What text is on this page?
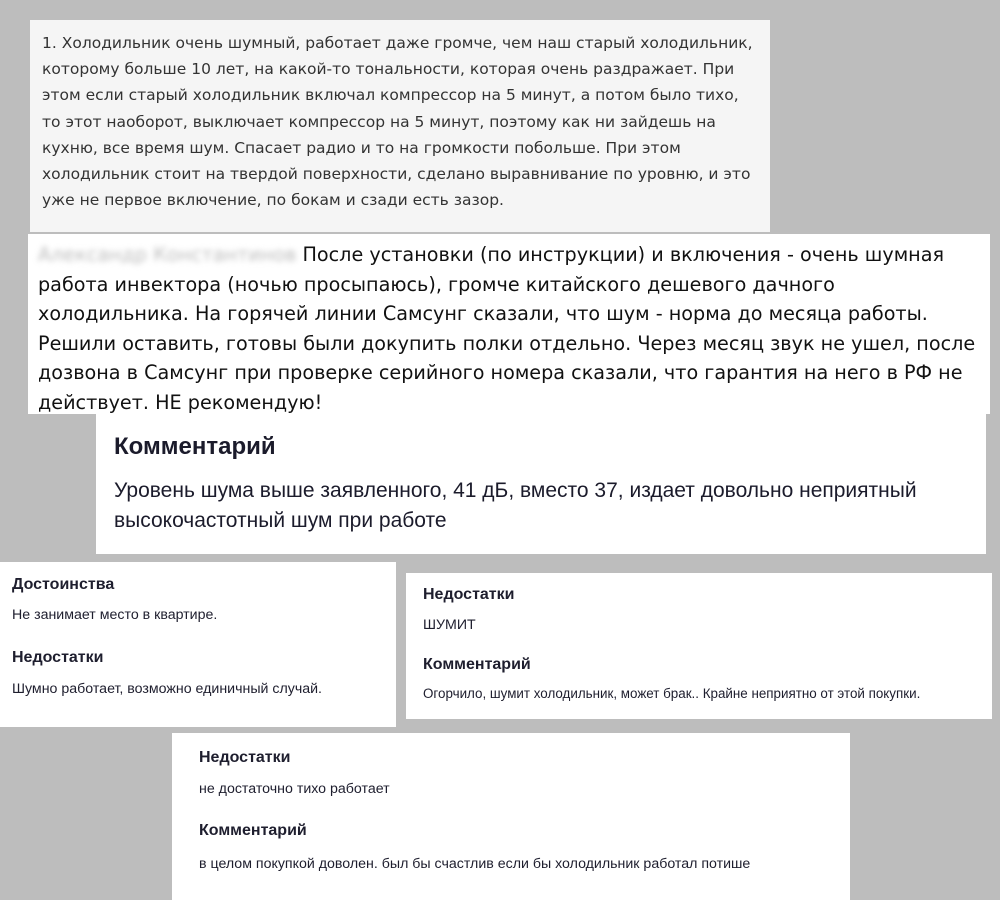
1. Холодильник очень шумный, работает даже громче, чем наш старый холодильник, которому больше 10 лет, на какой-то тональности, которая очень раздражает. При этом если старый холодильник включал компрессор на 5 минут, а потом было тихо, то этот наоборот, выключает компрессор на 5 минут, поэтому как ни зайдешь на кухню, все время шум. Спасает радио и то на громкости побольше. При этом холодильник стоит на твердой поверхности, сделано выравнивание по уровню, и это уже не первое включение, по бокам и сзади есть зазор.

Александр Константинов После установки (по инструкции) и включения - очень шумная работа инвектора (ночью просыпаюсь), громче китайского дешевого дачного холодильника. На горячей линии Самсунг сказали, что шум - норма до месяца работы. Решили оставить, готовы были докупить полки отдельно. Через месяц звук не ушел, после дозвона в Самсунг при проверке серийного номера сказали, что гарантия на него в РФ не действует. НЕ рекомендую!

Комментарий

Уровень шума выше заявленного, 41 дБ, вместо 37, издает довольно неприятный высокочастотный шум при работе

Достоинства

Не занимает место в квартире.

Недостатки

Шумно работает, возможно единичный случай.

Недостатки

ШУМИТ

Комментарий

Огорчило, шумит холодильник, может брак.. Крайне неприятно от этой покупки.

Недостатки

не достаточно тихо работает

Комментарий

в целом покупкой доволен. был бы счастлив если бы холодильник работал потише
